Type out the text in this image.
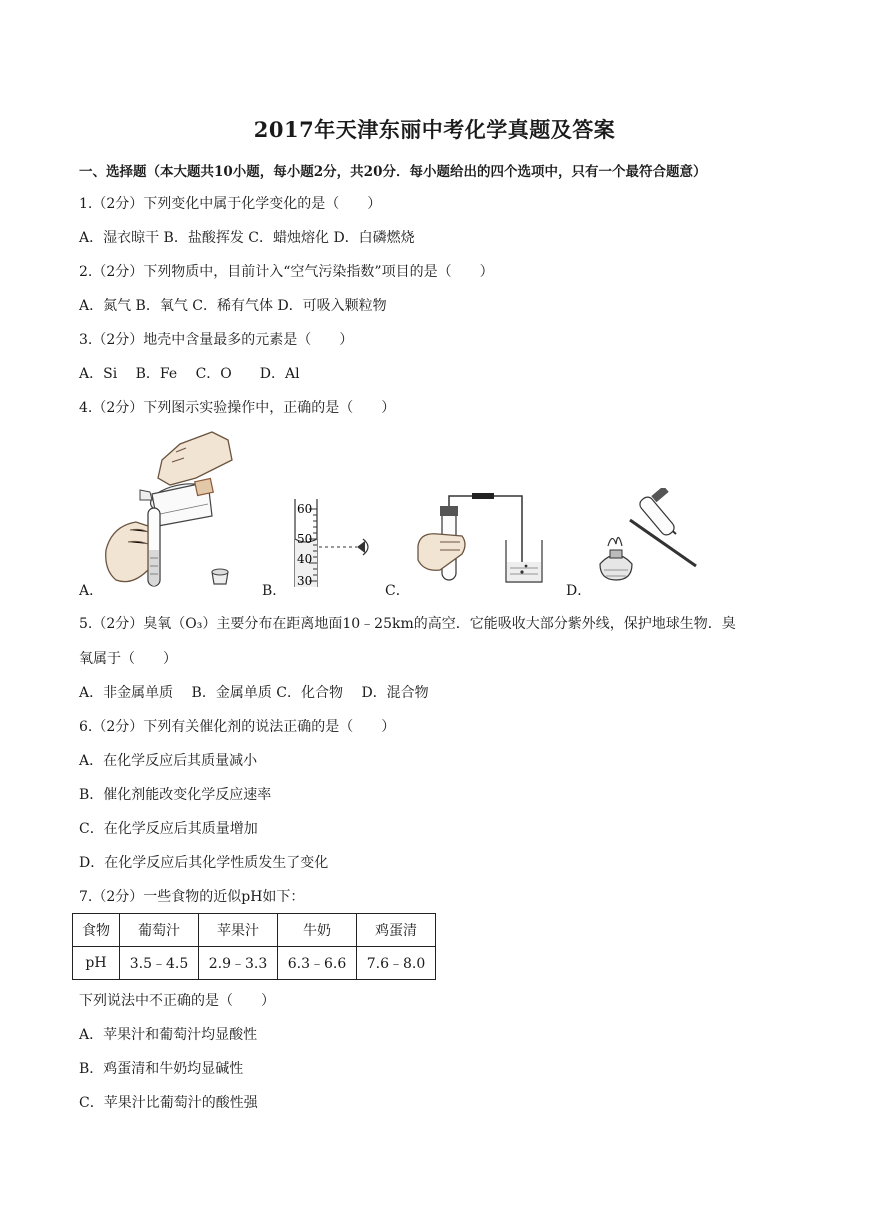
2017年天津东丽中考化学真题及答案
一、选择题（本大题共10小题，每小题2分，共20分．每小题给出的四个选项中，只有一个最符合题意）
1.（2分）下列变化中属于化学变化的是（　　）
A．湿衣晾干 B．盐酸挥发 C．蜡烛熔化 D．白磷燃烧
2.（2分）下列物质中，目前计入“空气污染指数”项目的是（　　）
A．氮气 B．氧气 C．稀有气体 D．可吸入颗粒物
3.（2分）地壳中含量最多的元素是（　　）
A．Si　 B．Fe　 C．O　　D．Al
4.（2分）下列图示实验操作中，正确的是（　　）
A．
60
50
40
30
B．	C．	D．
5.（2分）臭氧（O₃）主要分布在距离地面10﹣25km的高空．它能吸收大部分紫外线，保护地球生物．臭
氧属于（　　）
A．非金属单质　 B．金属单质 C．化合物　 D．混合物
6.（2分）下列有关催化剂的说法正确的是（　　）
A．在化学反应后其质量减小
B．催化剂能改变化学反应速率
C．在化学反应后其质量增加
D．在化学反应后其化学性质发生了变化
7.（2分）一些食物的近似pH如下：
食物	葡萄汁	苹果汁	牛奶	鸡蛋清
pH	3.5﹣4.5	2.9﹣3.3	6.3﹣6.6	7.6﹣8.0
下列说法中不正确的是（　　）
A．苹果汁和葡萄汁均显酸性
B．鸡蛋清和牛奶均显碱性
C．苹果汁比葡萄汁的酸性强
